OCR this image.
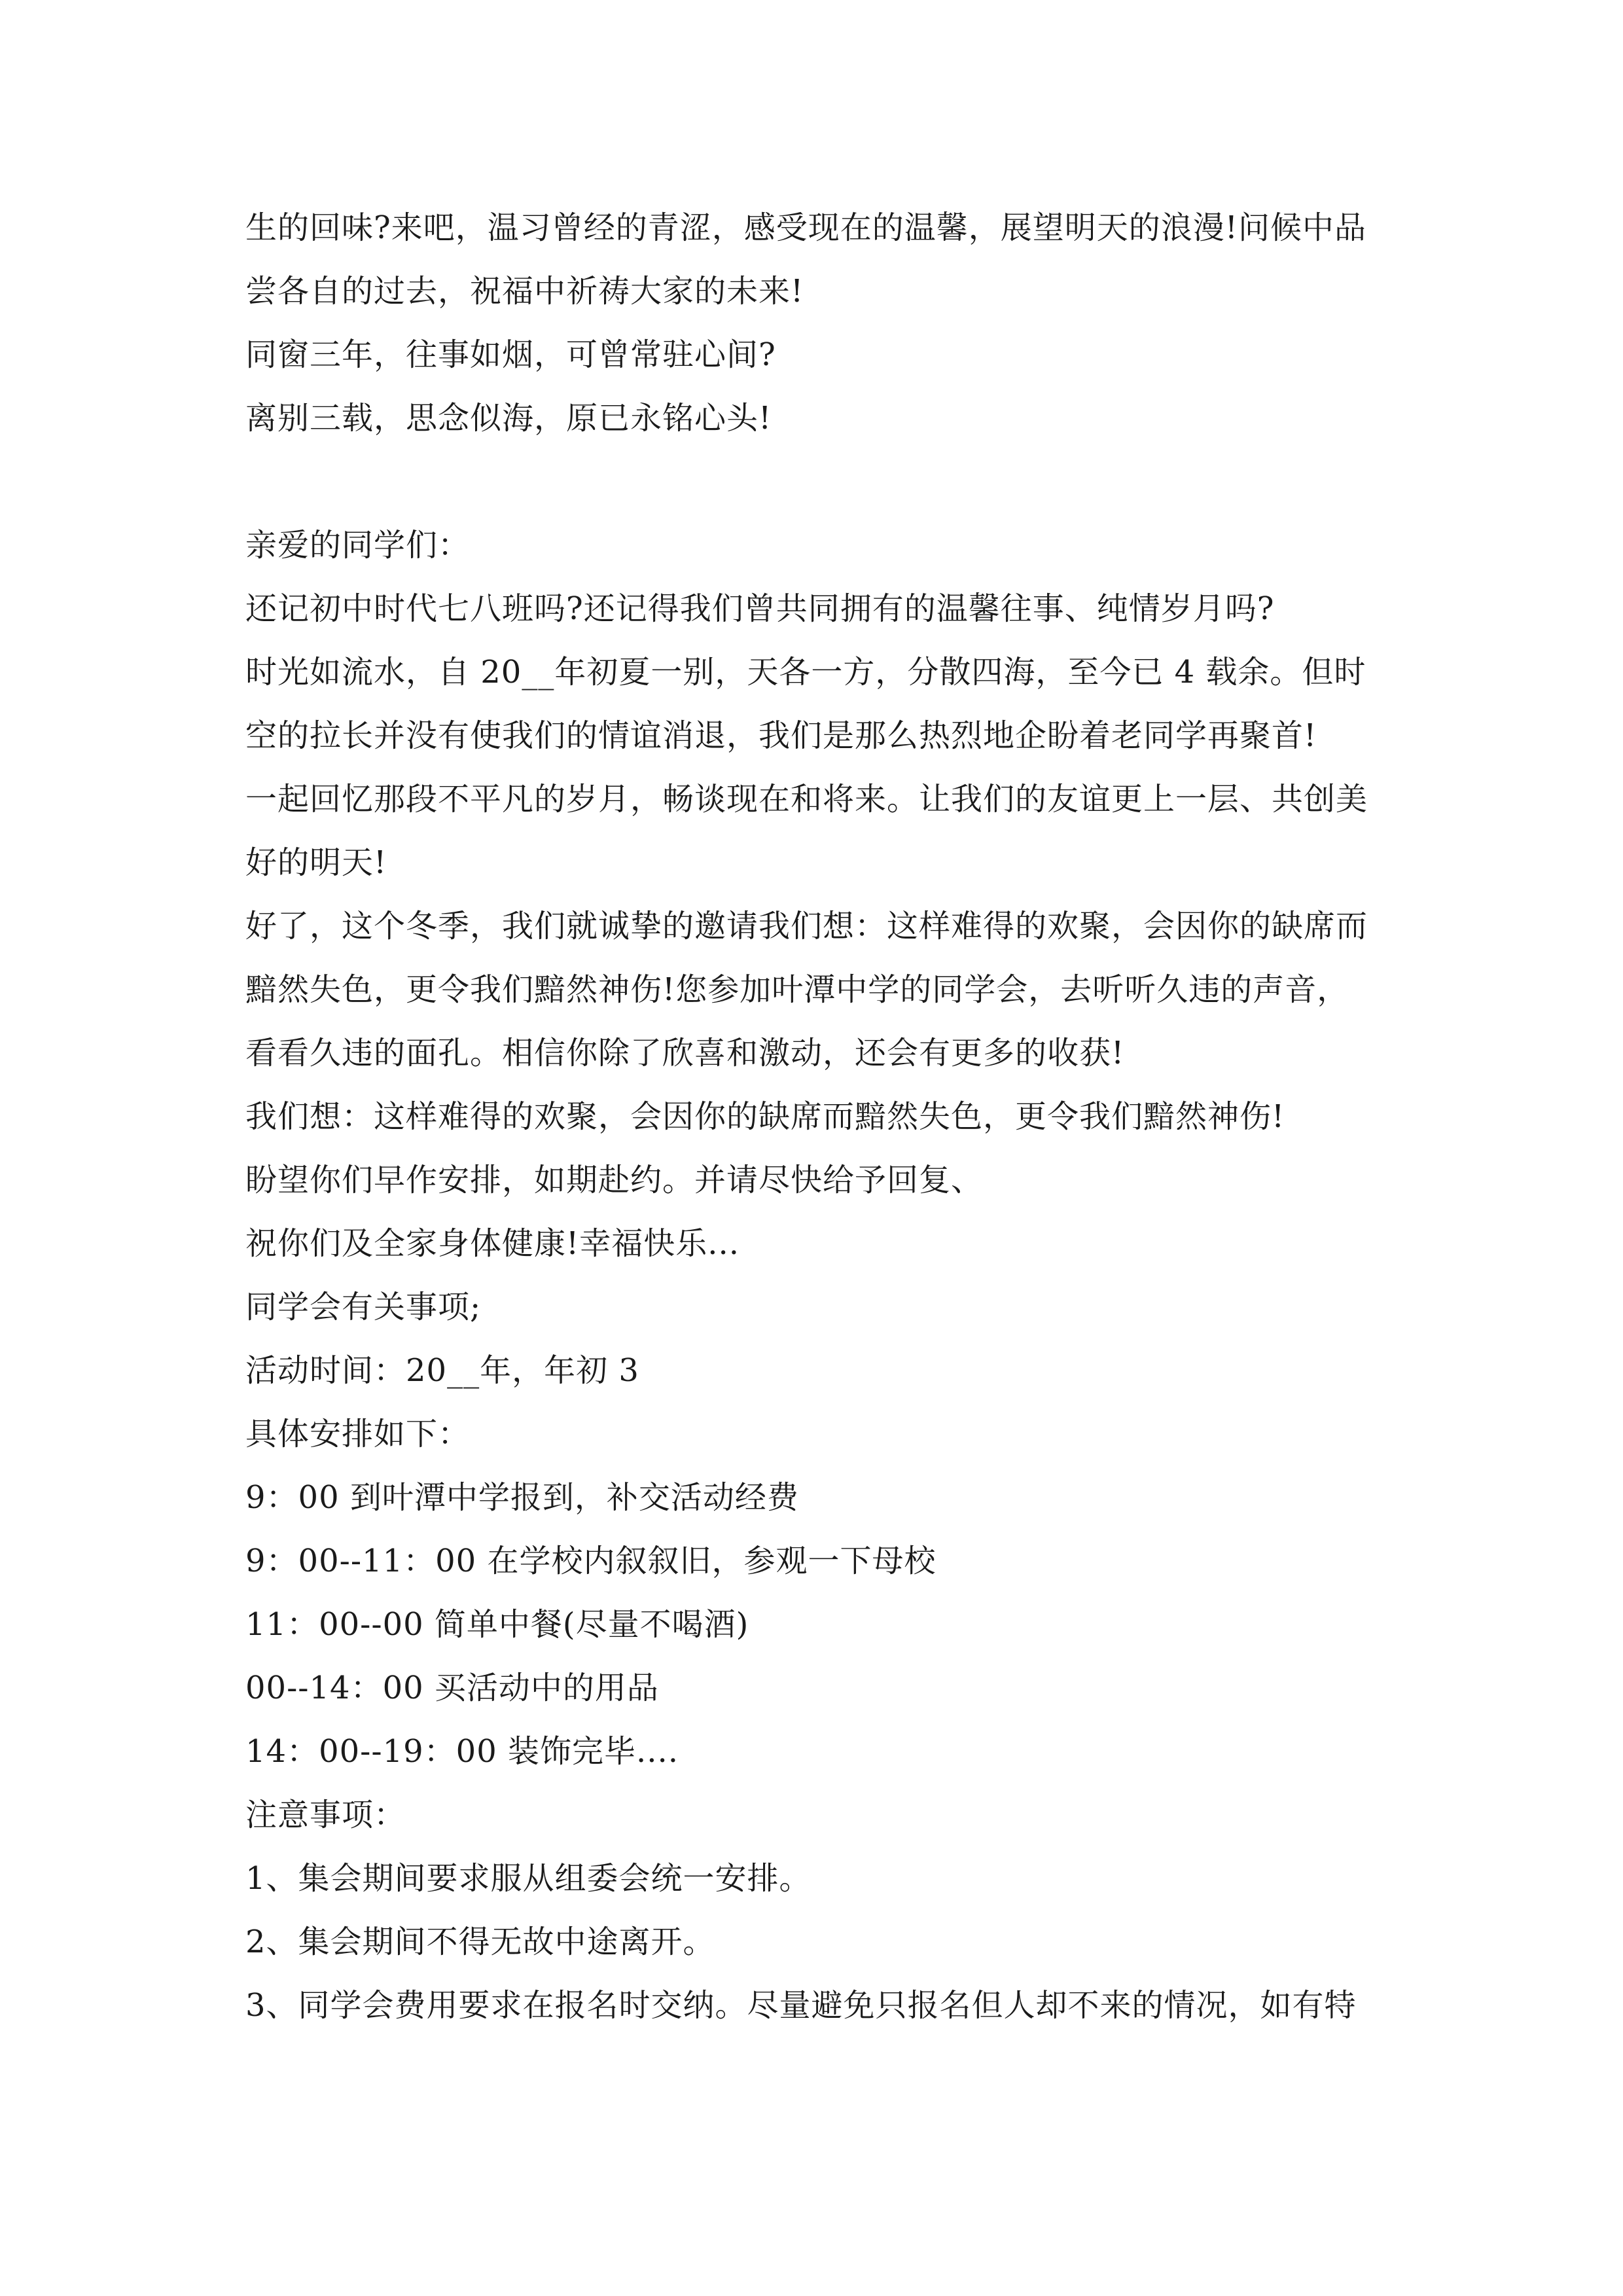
生的回味?来吧，温习曾经的青涩，感受现在的温馨，展望明天的浪漫!问候中品
尝各自的过去，祝福中祈祷大家的未来!
同窗三年，往事如烟，可曾常驻心间?
离别三载，思念似海，原已永铭心头!
亲爱的同学们：
还记初中时代七八班吗?还记得我们曾共同拥有的温馨往事、纯情岁月吗?
时光如流水，自 20__年初夏一别，天各一方，分散四海，至今已 4 载余。但时
空的拉长并没有使我们的情谊消退，我们是那么热烈地企盼着老同学再聚首!
一起回忆那段不平凡的岁月，畅谈现在和将来。让我们的友谊更上一层、共创美
好的明天!
好了，这个冬季，我们就诚挚的邀请我们想：这样难得的欢聚，会因你的缺席而
黯然失色，更令我们黯然神伤!您参加叶潭中学的同学会，去听听久违的声音，
看看久违的面孔。相信你除了欣喜和激动，还会有更多的收获!
我们想：这样难得的欢聚，会因你的缺席而黯然失色，更令我们黯然神伤!
盼望你们早作安排，如期赴约。并请尽快给予回复、
祝你们及全家身体健康!幸福快乐...
同学会有关事项;
活动时间：20__年，年初 3
具体安排如下：
9：00 到叶潭中学报到，补交活动经费
9：00--11：00 在学校内叙叙旧，参观一下母校
11：00--00 简单中餐(尽量不喝酒)
00--14：00 买活动中的用品
14：00--19：00 装饰完毕....
注意事项：
1、集会期间要求服从组委会统一安排。
2、集会期间不得无故中途离开。
3、同学会费用要求在报名时交纳。尽量避免只报名但人却不来的情况，如有特
